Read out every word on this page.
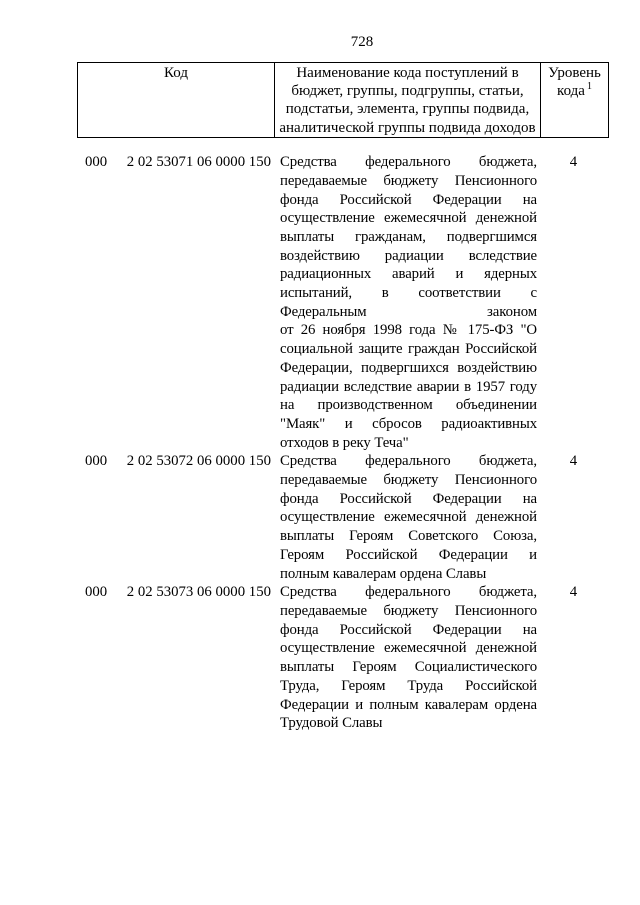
728
Код	Наименование кода поступлений в
бюджет, группы, подгруппы, статьи,
подстатьи, элемента, группы подвида,
аналитической группы подвида доходов
Уровень
кода $^1$
000 2 02 53071 06 0000 150 Средства федерального бюджета,
передаваемые бюджету Пенсионного
фонда Российской Федерации на
осуществление ежемесячной денежной
выплаты гражданам, подвергшимся
воздействию радиации вследствие
радиационных аварий и ядерных
испытаний, в соответствии с
Федеральным законом
от 26 ноября 1998 года № 175-ФЗ "О
социальной защите граждан Российской
Федерации, подвергшихся воздействию
радиации вследствие аварии в 1957 году
на производственном объединении
"Маяк" и сбросов радиоактивных
отходов в реку Теча"
4
000 2 02 53072 06 0000 150 Средства федерального бюджета,
передаваемые бюджету Пенсионного
фонда Российской Федерации на
осуществление ежемесячной денежной
выплаты Героям Советского Союза,
Героям Российской Федерации и
полным кавалерам ордена Славы
4
000 2 02 53073 06 0000 150 Средства федерального бюджета,
передаваемые бюджету Пенсионного
фонда Российской Федерации на
осуществление ежемесячной денежной
выплаты Героям Социалистического
Труда, Героям Труда Российской
Федерации и полным кавалерам ордена
Трудовой Славы
4
